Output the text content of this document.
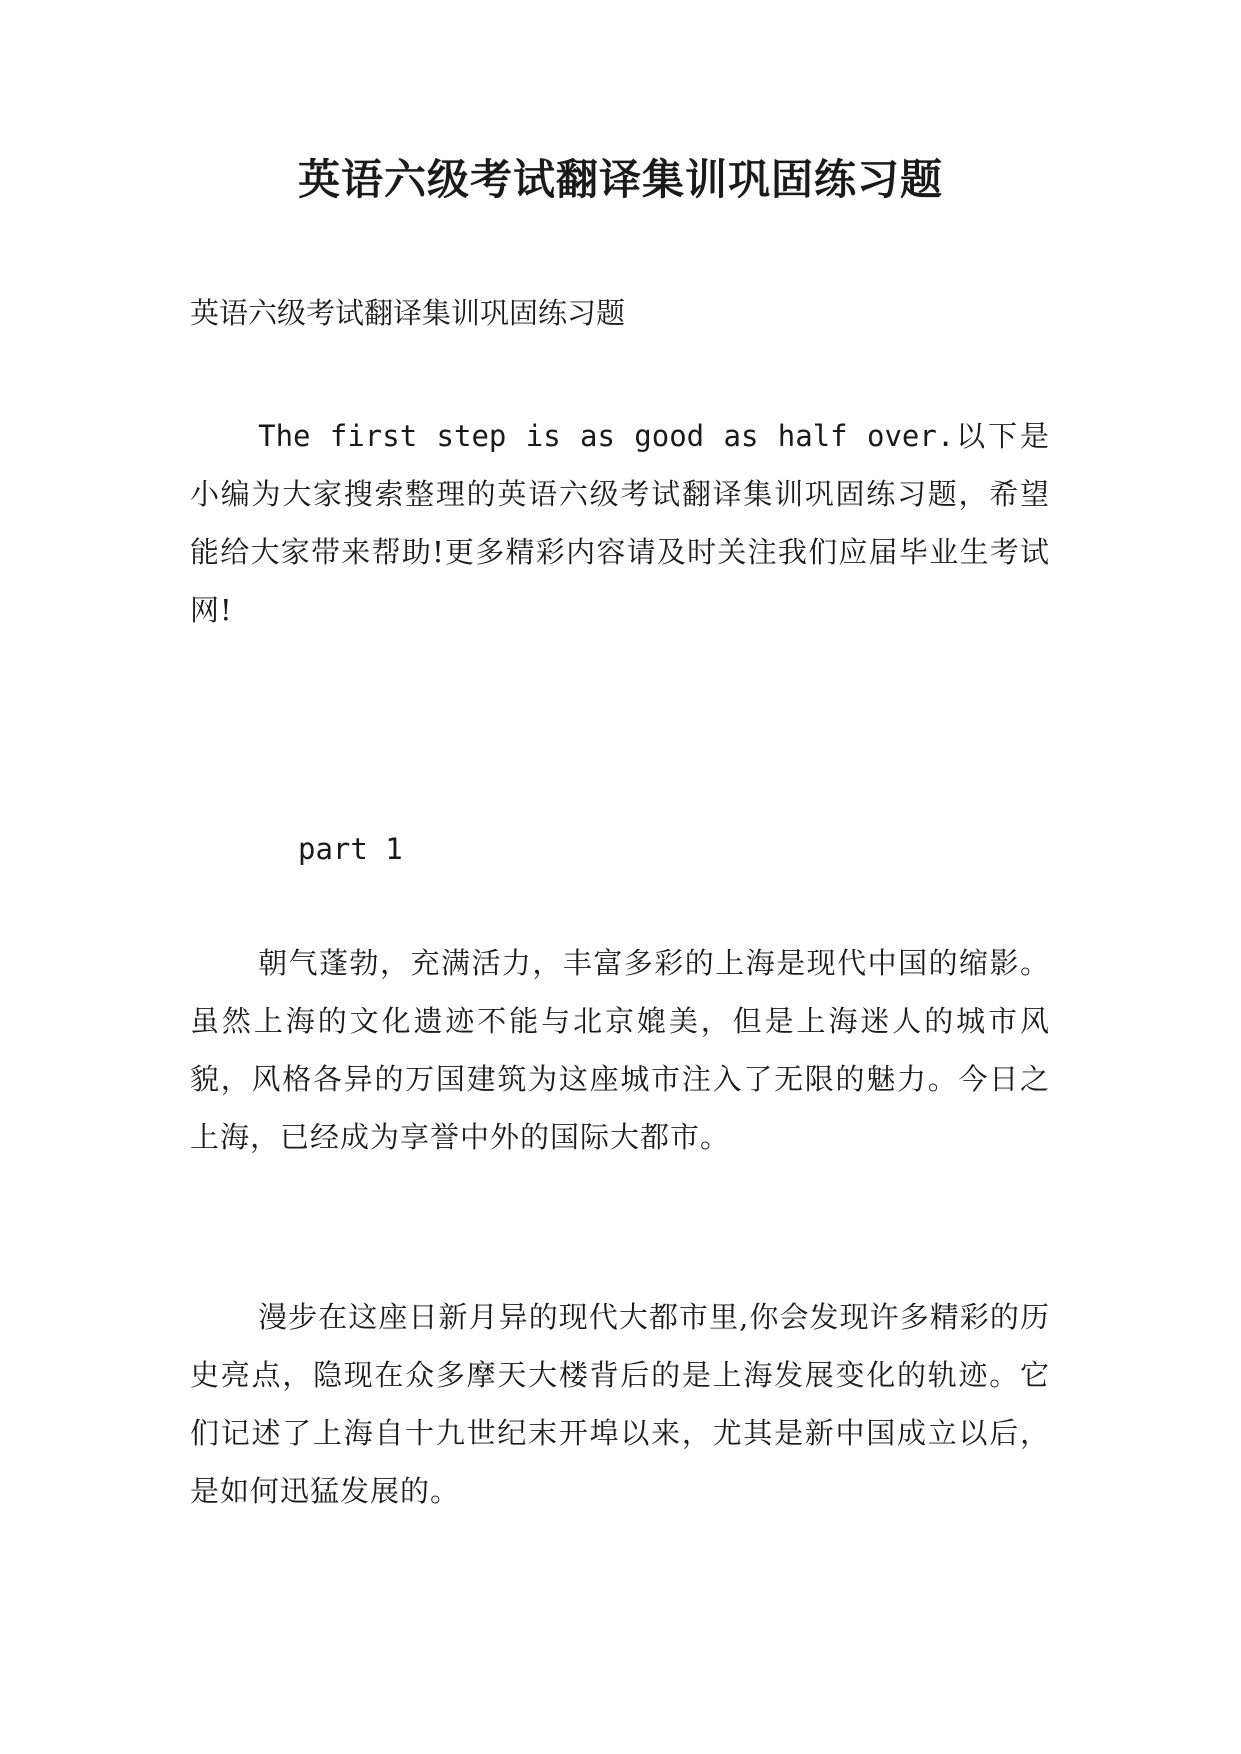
英语六级考试翻译集训巩固练习题

英语六级考试翻译集训巩固练习题

The first step is as good as half over.以下是小编为大家搜索整理的英语六级考试翻译集训巩固练习题，希望能给大家带来帮助!更多精彩内容请及时关注我们应届毕业生考试网!

part 1

朝气蓬勃，充满活力，丰富多彩的上海是现代中国的缩影。虽然上海的文化遗迹不能与北京媲美，但是上海迷人的城市风貌，风格各异的万国建筑为这座城市注入了无限的魅力。今日之上海，已经成为享誉中外的国际大都市。

漫步在这座日新月异的现代大都市里,你会发现许多精彩的历史亮点，隐现在众多摩天大楼背后的是上海发展变化的轨迹。它们记述了上海自十九世纪末开埠以来，尤其是新中国成立以后，是如何迅猛发展的。
